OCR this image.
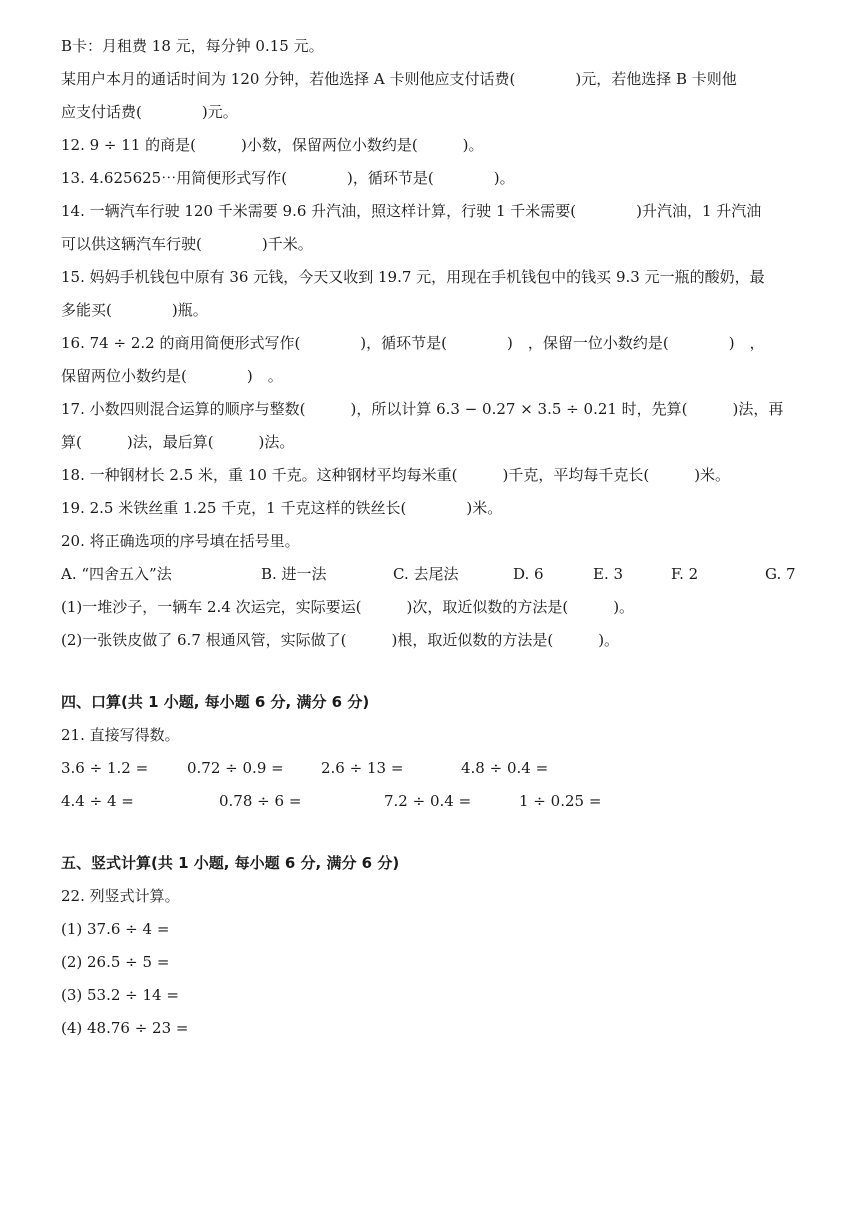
B卡：月租费 18 元，每分钟 0.15 元。
某用户本月的通话时间为 120 分钟，若他选择 A 卡则他应支付话费(　　　　)元，若他选择 B 卡则他
应支付话费(　　　　)元。
12. 9 ÷ 11 的商是(　　　)小数，保留两位小数约是(　　　)。
13. 4.625625⋯用简便形式写作(　　　　)，循环节是(　　　　)。
14. 一辆汽车行驶 120 千米需要 9.6 升汽油，照这样计算，行驶 1 千米需要(　　　　)升汽油，1 升汽油
可以供这辆汽车行驶(　　　　)千米。
15. 妈妈手机钱包中原有 36 元钱，今天又收到 19.7 元，用现在手机钱包中的钱买 9.3 元一瓶的酸奶，最
多能买(　　　　)瓶。
16. 74 ÷ 2.2 的商用简便形式写作(　　　　)，循环节是(　　　　)　，保留一位小数约是(　　　　)　，
保留两位小数约是(　　　　)　。
17. 小数四则混合运算的顺序与整数(　　　)，所以计算 6.3 − 0.27 × 3.5 ÷ 0.21 时，先算(　　　)法，再
算(　　　)法，最后算(　　　)法。
18. 一种钢材长 2.5 米，重 10 千克。这种钢材平均每米重(　　　)千克，平均每千克长(　　　)米。
19. 2.5 米铁丝重 1.25 千克，1 千克这样的铁丝长(　　　　)米。
20. 将正确选项的序号填在括号里。
A. “四舍五入”法	B. 进一法	C. 去尾法	D. 6	E. 3	F. 2	G. 7
(1)一堆沙子，一辆车 2.4 次运完，实际要运(　　　)次，取近似数的方法是(　　　)。
(2)一张铁皮做了 6.7 根通风管，实际做了(　　　)根，取近似数的方法是(　　　)。
四、口算(共 1 小题, 每小题 6 分, 满分 6 分)
21. 直接写得数。
3.6 ÷ 1.2 =	0.72 ÷ 0.9 =	2.6 ÷ 13 =	4.8 ÷ 0.4 =
4.4 ÷ 4 =	0.78 ÷ 6 =	7.2 ÷ 0.4 =	1 ÷ 0.25 =
五、竖式计算(共 1 小题, 每小题 6 分, 满分 6 分)
22. 列竖式计算。
(1) 37.6 ÷ 4 =
(2) 26.5 ÷ 5 =
(3) 53.2 ÷ 14 =
(4) 48.76 ÷ 23 =
